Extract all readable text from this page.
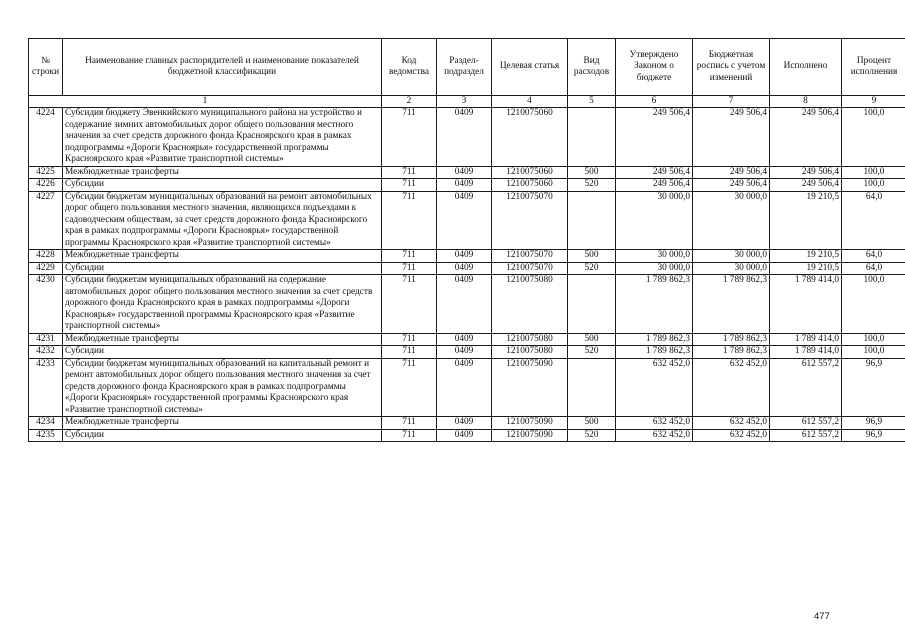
№ строки	Наименование главных распорядителей и наименование показателей бюджетной классификации	Код ведомства	Раздел-подраздел	Целевая статья	Вид расходов	Утверждено Законом о бюджете	Бюджетная роспись с учетом изменений	Исполнено	Процент исполнения
1		2	3	4	5	6	7	8	9
4224	Субсидия бюджету Эвенкийского муниципального района на устройство и содержание зимних автомобильных дорог общего пользования местного значения за счет средств дорожного фонда Красноярского края в рамках подпрограммы «Дороги Красноярья» государственной программы Красноярского края «Развитие транспортной системы»	711	0409	1210075060		249 506,4	249 506,4	249 506,4	100,0
4225	Межбюджетные трансферты	711	0409	1210075060	500	249 506,4	249 506,4	249 506,4	100,0
4226	Субсидии	711	0409	1210075060	520	249 506,4	249 506,4	249 506,4	100,0
4227	Субсидии бюджетам муниципальных образований на ремонт автомобильных дорог общего пользования местного значения, являющихся подъездами к садоводческим обществам, за счет средств дорожного фонда Красноярского края в рамках подпрограммы «Дороги Красноярья» государственной программы Красноярского края «Развитие транспортной системы»	711	0409	1210075070		30 000,0	30 000,0	19 210,5	64,0
4228	Межбюджетные трансферты	711	0409	1210075070	500	30 000,0	30 000,0	19 210,5	64,0
4229	Субсидии	711	0409	1210075070	520	30 000,0	30 000,0	19 210,5	64,0
4230	Субсидии бюджетам муниципальных образований на содержание автомобильных дорог общего пользования местного значения за счет средств дорожного фонда Красноярского края в рамках подпрограммы «Дороги Красноярья» государственной программы Красноярского края «Развитие транспортной системы»	711	0409	1210075080		1 789 862,3	1 789 862,3	1 789 414,0	100,0
4231	Межбюджетные трансферты	711	0409	1210075080	500	1 789 862,3	1 789 862,3	1 789 414,0	100,0
4232	Субсидии	711	0409	1210075080	520	1 789 862,3	1 789 862,3	1 789 414,0	100,0
4233	Субсидии бюджетам муниципальных образований на капитальный ремонт и ремонт автомобильных дорог общего пользования местного значения за счет средств дорожного фонда Красноярского края в рамках подпрограммы «Дороги Красноярья» государственной программы Красноярского края «Развитие транспортной системы»	711	0409	1210075090		632 452,0	632 452,0	612 557,2	96,9
4234	Межбюджетные трансферты	711	0409	1210075090	500	632 452,0	632 452,0	612 557,2	96,9
4235	Субсидии	711	0409	1210075090	520	632 452,0	632 452,0	612 557,2	96,9
477
